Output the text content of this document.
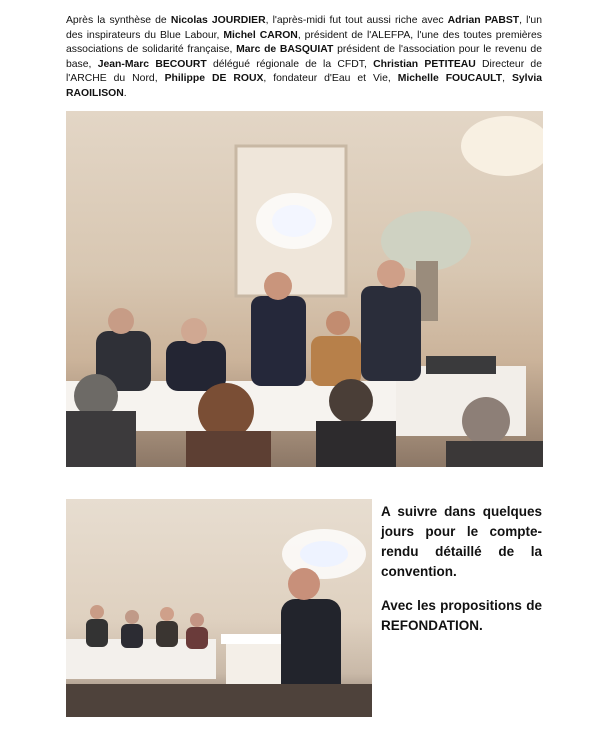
Après la synthèse de Nicolas JOURDIER, l'après-midi fut tout aussi riche avec Adrian PABST, l'un des inspirateurs du Blue Labour, Michel CARON, président de l'ALEFPA, l'une des toutes premières associations de solidarité française, Marc de BASQUIAT président de l'association pour le revenu de base, Jean-Marc BECOURT délégué régionale de la CFDT, Christian PETITEAU Directeur de l'ARCHE du Nord, Philippe DE ROUX, fondateur d'Eau et Vie, Michelle FOUCAULT, Sylvia RAOILISON.

A suivre dans quelques jours pour le compte-rendu détaillé de la convention.

Avec les propositions de REFONDATION.
